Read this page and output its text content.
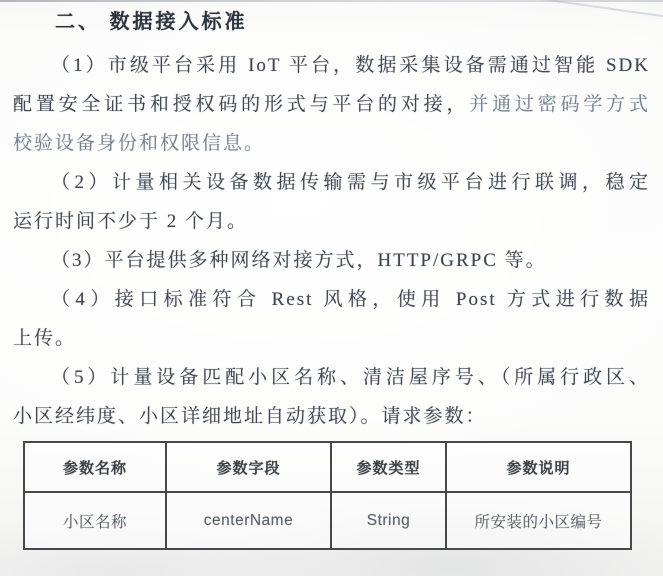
二、 数据接入标准

（1）市级平台采用 IoT 平台，数据采集设备需通过智能 SDK
配置安全证书和授权码的形式与平台的对接，并通过密码学方式
校验设备身份和权限信息。

（2）计量相关设备数据传输需与市级平台进行联调，稳定
运行时间不少于 2 个月。

（3）平台提供多种网络对接方式，HTTP/GRPC 等。

（4）接口标准符合 Rest 风格，使用 Post 方式进行数据
上传。

（5）计量设备匹配小区名称、清洁屋序号、（所属行政区、
小区经纬度、小区详细地址自动获取）。请求参数：

参数名称	参数字段	参数类型	参数说明
小区名称	centerName	String	所安装的小区编号
